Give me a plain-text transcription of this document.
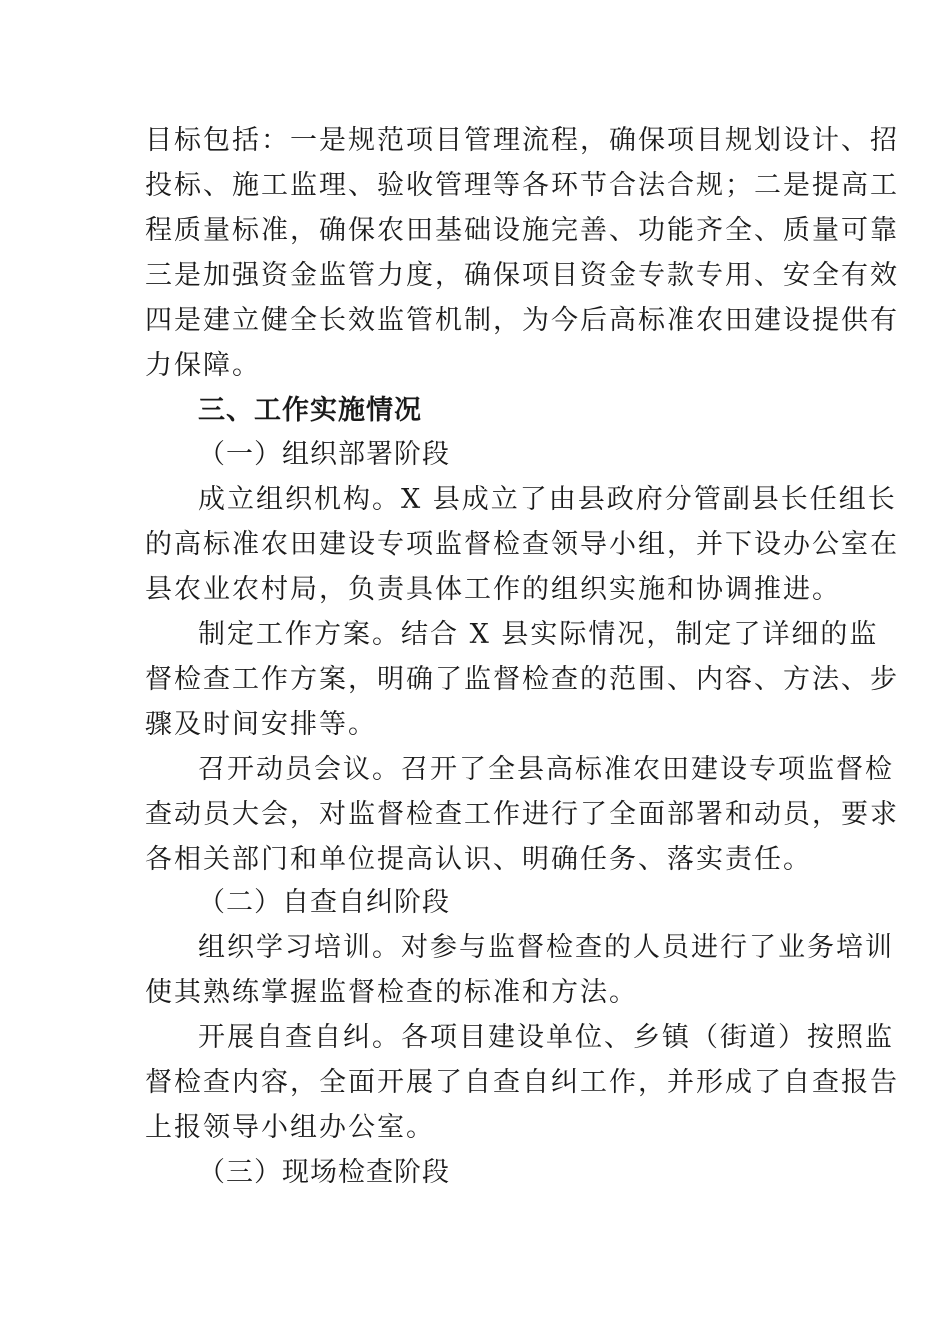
目标包括：一是规范项目管理流程，确保项目规划设计、招
投标、施工监理、验收管理等各环节合法合规；二是提高工
程质量标准，确保农田基础设施完善、功能齐全、质量可靠
三是加强资金监管力度，确保项目资金专款专用、安全有效
四是建立健全长效监管机制，为今后高标准农田建设提供有
力保障。
三、工作实施情况
（一）组织部署阶段
成立组织机构。X 县成立了由县政府分管副县长任组长
的高标准农田建设专项监督检查领导小组，并下设办公室在
县农业农村局，负责具体工作的组织实施和协调推进。
制定工作方案。结合 X 县实际情况，制定了详细的监
督检查工作方案，明确了监督检查的范围、内容、方法、步
骤及时间安排等。
召开动员会议。召开了全县高标准农田建设专项监督检
查动员大会，对监督检查工作进行了全面部署和动员，要求
各相关部门和单位提高认识、明确任务、落实责任。
（二）自查自纠阶段
组织学习培训。对参与监督检查的人员进行了业务培训
使其熟练掌握监督检查的标准和方法。
开展自查自纠。各项目建设单位、乡镇（街道）按照监
督检查内容，全面开展了自查自纠工作，并形成了自查报告
上报领导小组办公室。
（三）现场检查阶段
